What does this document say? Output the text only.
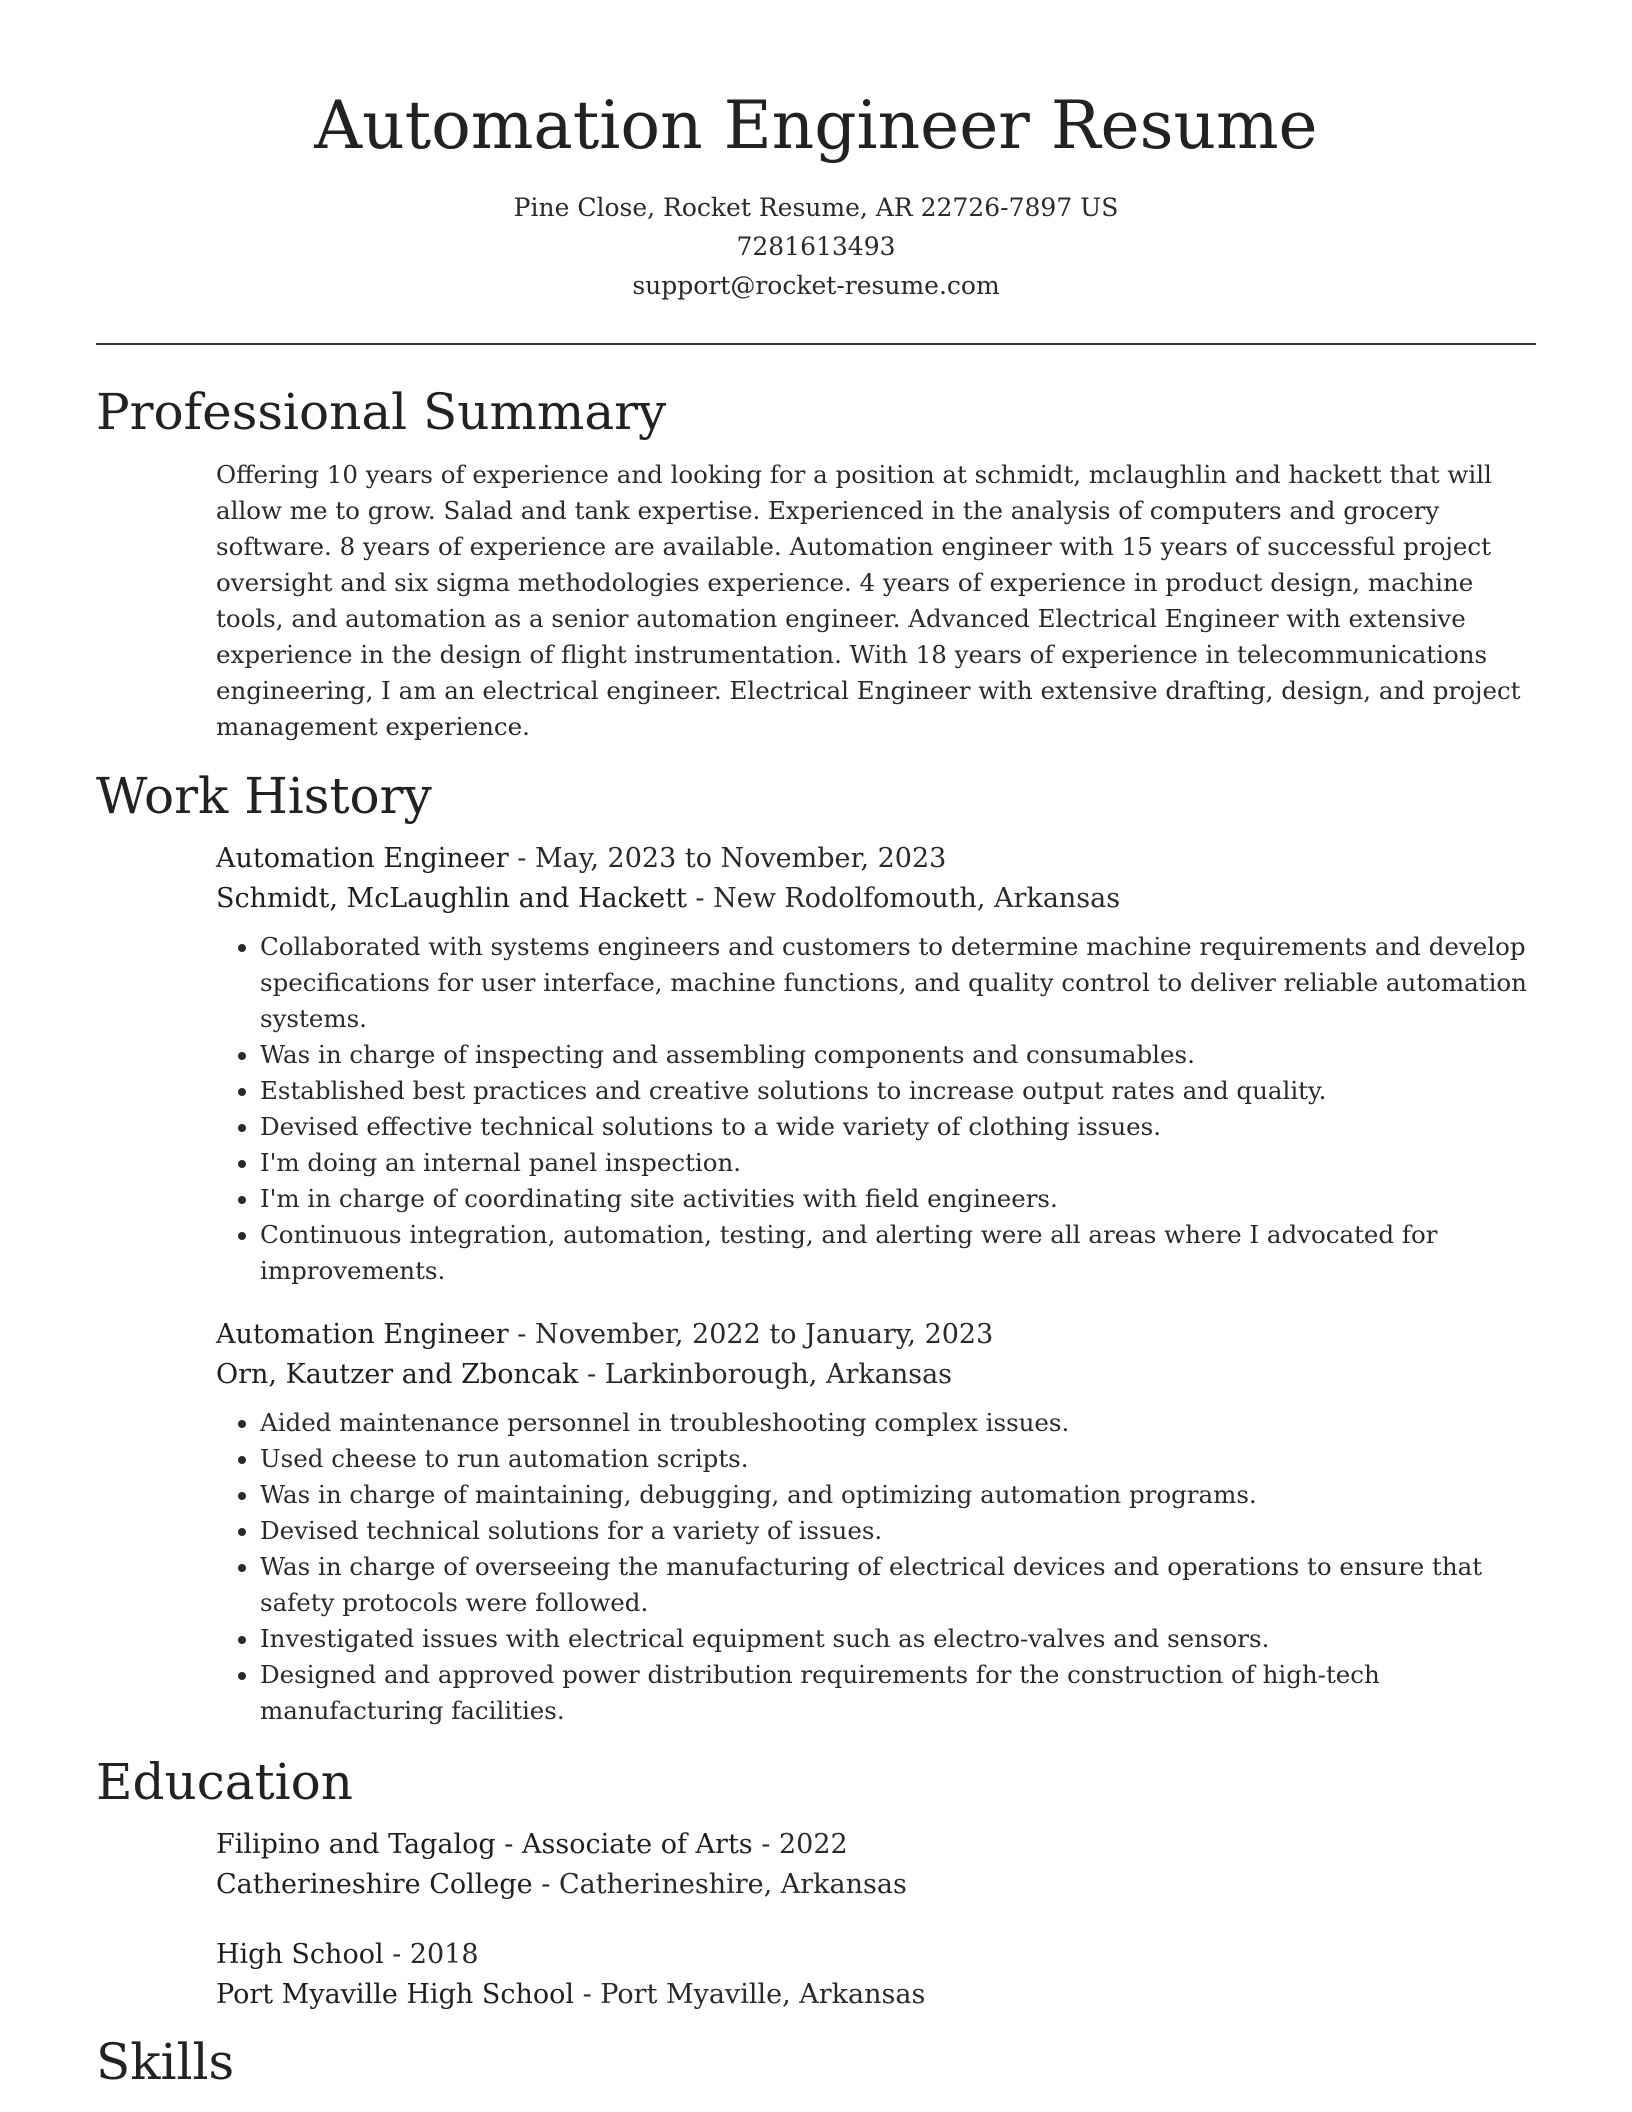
Automation Engineer Resume
Pine Close, Rocket Resume, AR 22726-7897 US
7281613493
support@rocket-resume.com
Professional Summary

Offering 10 years of experience and looking for a position at schmidt, mclaughlin and hackett that will allow me to grow. Salad and tank expertise. Experienced in the analysis of computers and grocery software. 8 years of experience are available. Automation engineer with 15 years of successful project oversight and six sigma methodologies experience. 4 years of experience in product design, machine tools, and automation as a senior automation engineer. Advanced Electrical Engineer with extensive experience in the design of flight instrumentation. With 18 years of experience in telecommunications engineering, I am an electrical engineer. Electrical Engineer with extensive drafting, design, and project management experience.

Work History
Automation Engineer - May, 2023 to November, 2023
Schmidt, McLaughlin and Hackett - New Rodolfomouth, Arkansas
• Collaborated with systems engineers and customers to determine machine requirements and develop specifications for user interface, machine functions, and quality control to deliver reliable automation systems.
• Was in charge of inspecting and assembling components and consumables.
• Established best practices and creative solutions to increase output rates and quality.
• Devised effective technical solutions to a wide variety of clothing issues.
• I'm doing an internal panel inspection.
• I'm in charge of coordinating site activities with field engineers.
• Continuous integration, automation, testing, and alerting were all areas where I advocated for improvements.
Automation Engineer - November, 2022 to January, 2023
Orn, Kautzer and Zboncak - Larkinborough, Arkansas
• Aided maintenance personnel in troubleshooting complex issues.
• Used cheese to run automation scripts.
• Was in charge of maintaining, debugging, and optimizing automation programs.
• Devised technical solutions for a variety of issues.
• Was in charge of overseeing the manufacturing of electrical devices and operations to ensure that safety protocols were followed.
• Investigated issues with electrical equipment such as electro-valves and sensors.
• Designed and approved power distribution requirements for the construction of high-tech manufacturing facilities.
Education
Filipino and Tagalog - Associate of Arts - 2022
Catherineshire College - Catherineshire, Arkansas
High School - 2018
Port Myaville High School - Port Myaville, Arkansas
Skills
